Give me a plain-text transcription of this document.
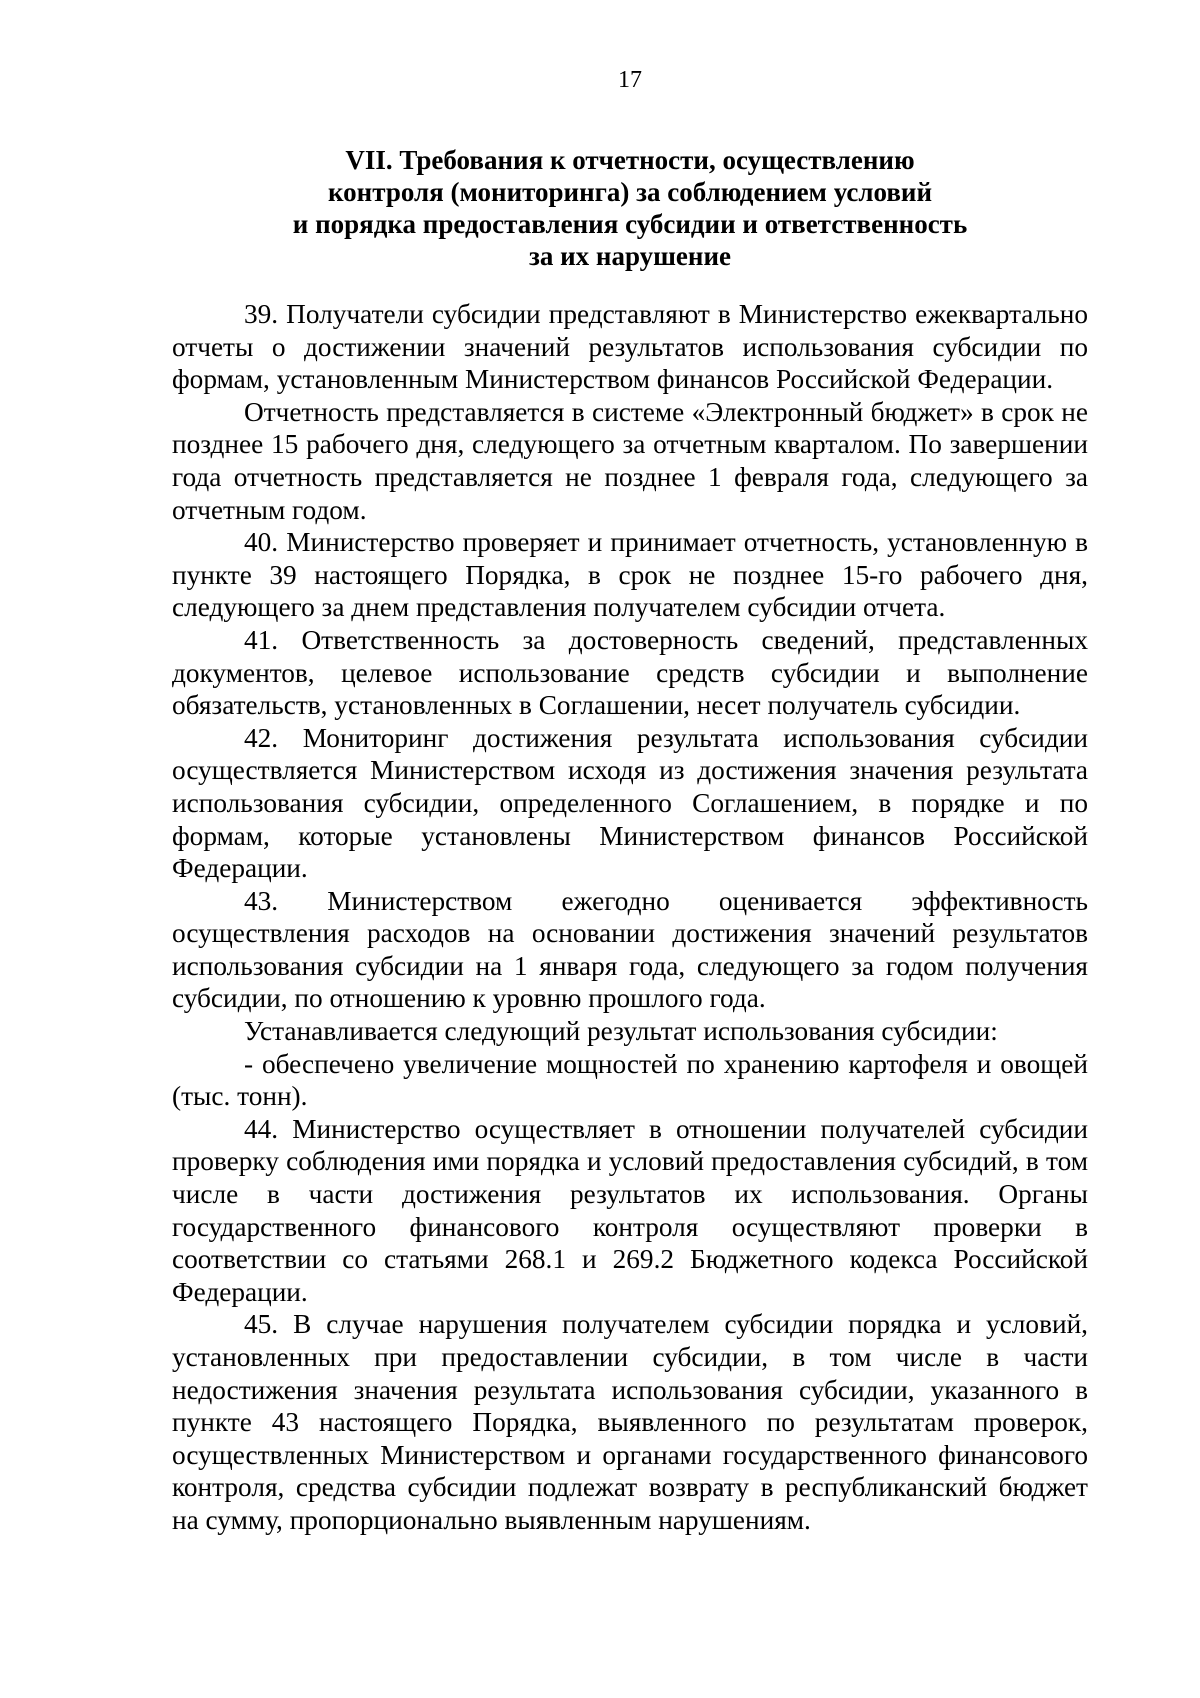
17
VII. Требования к отчетности, осуществлению
контроля (мониторинга) за соблюдением условий
и порядка предоставления субсидии и ответственность
за их нарушение

39. Получатели субсидии представляют в Министерство ежеквартально отчеты о достижении значений результатов использования субсидии по формам, установленным Министерством финансов Российской Федерации.

Отчетность представляется в системе «Электронный бюджет» в срок не позднее 15 рабочего дня, следующего за отчетным кварталом. По завершении года отчетность представляется не позднее 1 февраля года, следующего за отчетным годом.

40. Министерство проверяет и принимает отчетность, установленную в пункте 39 настоящего Порядка, в срок не позднее 15-го рабочего дня, следующего за днем представления получателем субсидии отчета.

41. Ответственность за достоверность сведений, представленных документов, целевое использование средств субсидии и выполнение обязательств, установленных в Соглашении, несет получатель субсидии.

42. Мониторинг достижения результата использования субсидии осуществляется Министерством исходя из достижения значения результата использования субсидии, определенного Соглашением, в порядке и по формам, которые установлены Министерством финансов Российской Федерации.

43. Министерством ежегодно оценивается эффективность осуществления расходов на основании достижения значений результатов использования субсидии на 1 января года, следующего за годом получения субсидии, по отношению к уровню прошлого года.

Устанавливается следующий результат использования субсидии:

- обеспечено увеличение мощностей по хранению картофеля и овощей (тыс. тонн).

44. Министерство осуществляет в отношении получателей субсидии проверку соблюдения ими порядка и условий предоставления субсидий, в том числе в части достижения результатов их использования. Органы государственного финансового контроля осуществляют проверки в соответствии со статьями 268.1 и 269.2 Бюджетного кодекса Российской Федерации.

45. В случае нарушения получателем субсидии порядка и условий, установленных при предоставлении субсидии, в том числе в части недостижения значения результата использования субсидии, указанного в пункте 43 настоящего Порядка, выявленного по результатам проверок, осуществленных Министерством и органами государственного финансового контроля, средства субсидии подлежат возврату в республиканский бюджет на сумму, пропорционально выявленным нарушениям.
